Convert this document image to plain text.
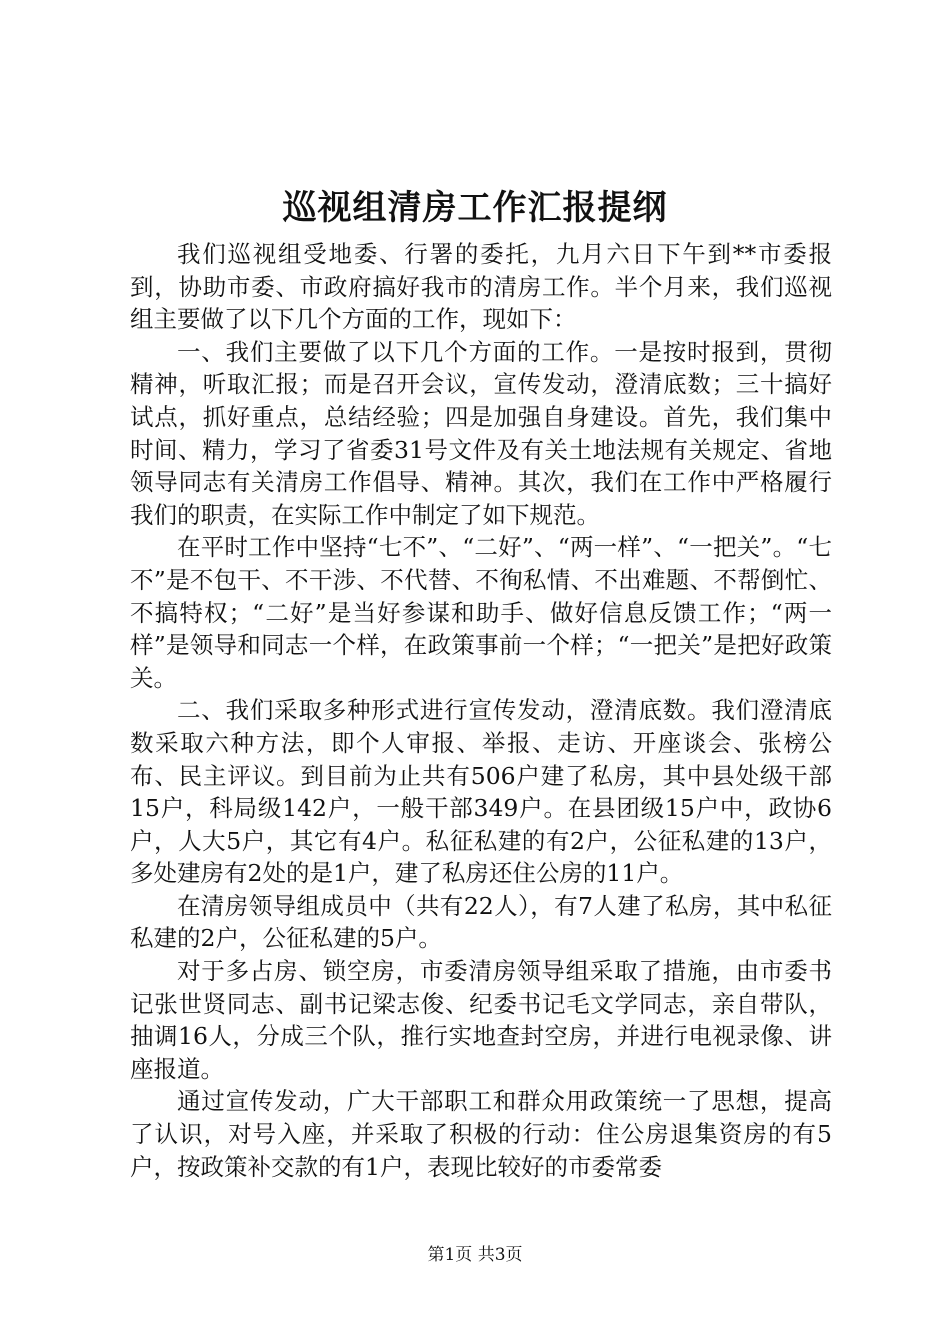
巡视组清房工作汇报提纲

我们巡视组受地委、行署的委托，九月六日下午到**市委报到，协助市委、市政府搞好我市的清房工作。半个月来，我们巡视组主要做了以下几个方面的工作，现如下：

一、我们主要做了以下几个方面的工作。一是按时报到，贯彻精神，听取汇报；而是召开会议，宣传发动，澄清底数；三十搞好试点，抓好重点，总结经验；四是加强自身建设。首先，我们集中时间、精力，学习了省委31号文件及有关土地法规有关规定、省地领导同志有关清房工作倡导、精神。其次，我们在工作中严格履行我们的职责，在实际工作中制定了如下规范。

在平时工作中坚持“七不”、“二好”、“两一样”、“一把关”。“七不”是不包干、不干涉、不代替、不徇私情、不出难题、不帮倒忙、不搞特权；“二好”是当好参谋和助手、做好信息反馈工作；“两一样”是领导和同志一个样，在政策事前一个样；“一把关”是把好政策关。

二、我们采取多种形式进行宣传发动，澄清底数。我们澄清底数采取六种方法，即个人审报、举报、走访、开座谈会、张榜公布、民主评议。到目前为止共有506户建了私房，其中县处级干部15户，科局级142户，一般干部349户。在县团级15户中，政协6户，人大5户，其它有4户。私征私建的有2户，公征私建的13户，多处建房有2处的是1户，建了私房还住公房的11户。

在清房领导组成员中（共有22人），有7人建了私房，其中私征私建的2户，公征私建的5户。

对于多占房、锁空房，市委清房领导组采取了措施，由市委书记张世贤同志、副书记梁志俊、纪委书记毛文学同志，亲自带队，抽调16人，分成三个队，推行实地查封空房，并进行电视录像、讲座报道。

通过宣传发动，广大干部职工和群众用政策统一了思想，提高了认识，对号入座，并采取了积极的行动：住公房退集资房的有5户，按政策补交款的有1户，表现比较好的市委常委

第1页 共3页
